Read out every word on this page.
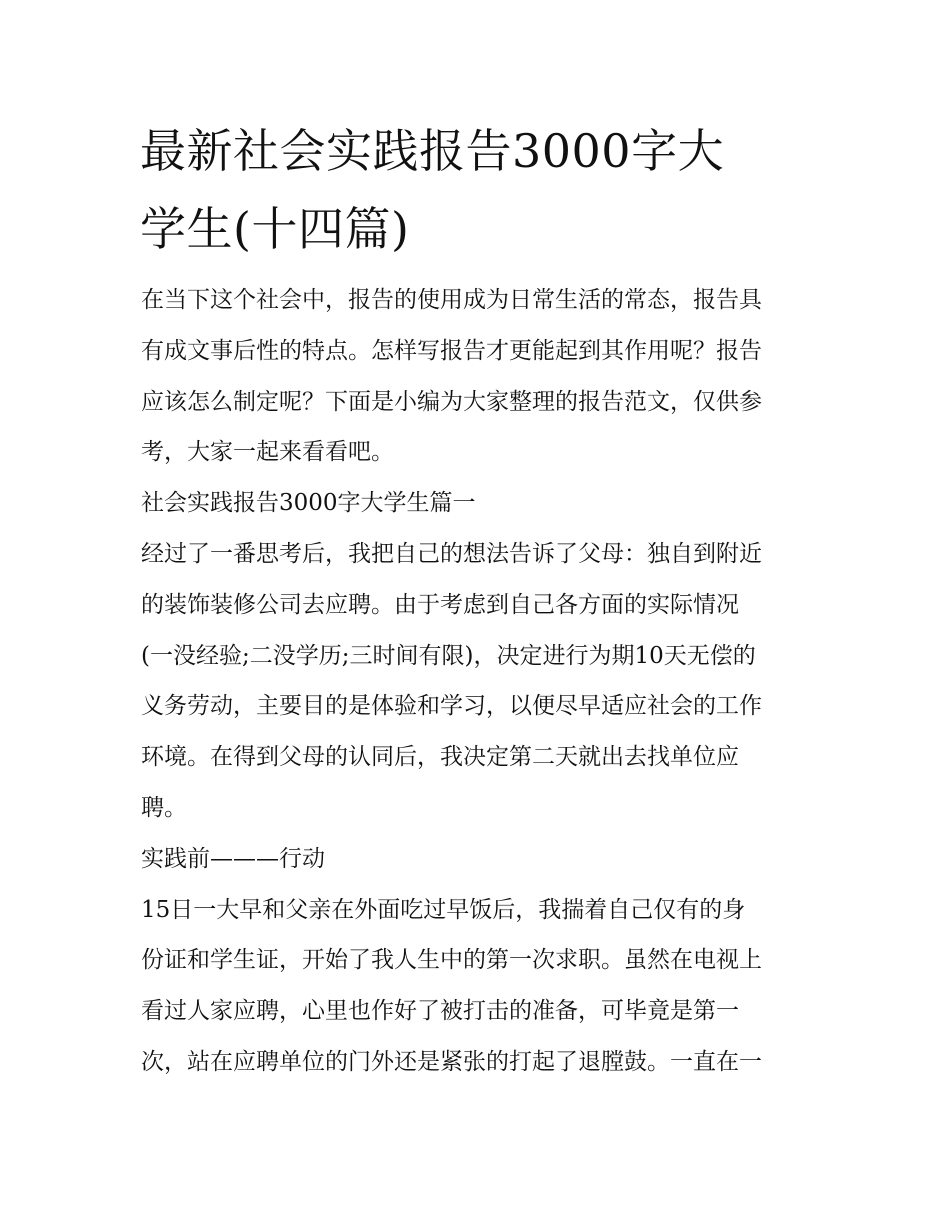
最新社会实践报告3000字大
学生(十四篇)

在当下这个社会中，报告的使用成为日常生活的常态，报告具
有成文事后性的特点。怎样写报告才更能起到其作用呢？报告
应该怎么制定呢？下面是小编为大家整理的报告范文，仅供参
考，大家一起来看看吧。

社会实践报告3000字大学生篇一

经过了一番思考后，我把自己的想法告诉了父母：独自到附近
的装饰装修公司去应聘。由于考虑到自己各方面的实际情况
(一没经验;二没学历;三时间有限)，决定进行为期10天无偿的
义务劳动，主要目的是体验和学习，以便尽早适应社会的工作
环境。在得到父母的认同后，我决定第二天就出去找单位应
聘。

实践前———行动

15日一大早和父亲在外面吃过早饭后，我揣着自己仅有的身
份证和学生证，开始了我人生中的第一次求职。虽然在电视上
看过人家应聘，心里也作好了被打击的准备，可毕竟是第一
次，站在应聘单位的门外还是紧张的打起了退膛鼓。一直在一
